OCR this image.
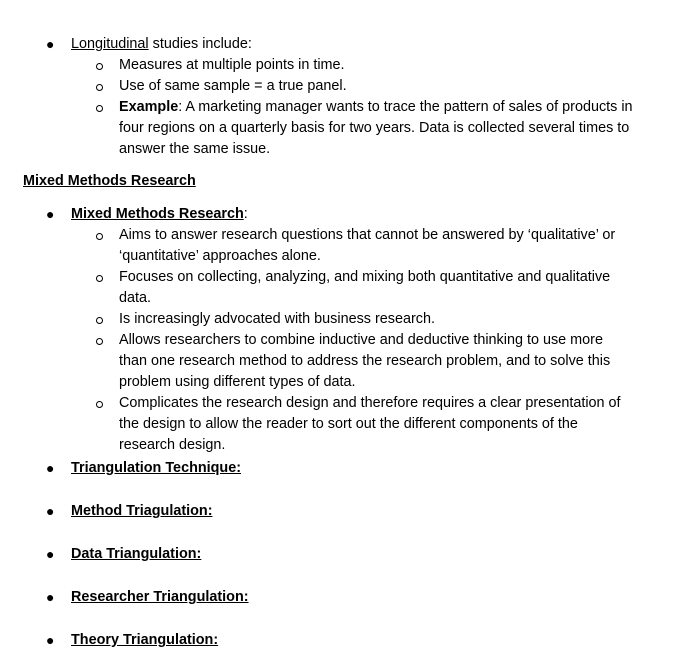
● Longitudinal studies include:
Measures at multiple points in time.
Use of same sample = a true panel.
Example: A marketing manager wants to trace the pattern of sales of products in
four regions on a quarterly basis for two years. Data is collected several times to
answer the same issue.
Mixed Methods Research
● Mixed Methods Research:
Aims to answer research questions that cannot be answered by ‘qualitative’ or
‘quantitative’ approaches alone.
Focuses on collecting, analyzing, and mixing both quantitative and qualitative
data.
Is increasingly advocated with business research.
Allows researchers to combine inductive and deductive thinking to use more
than one research method to address the research problem, and to solve this
problem using different types of data.
Complicates the research design and therefore requires a clear presentation of
the design to allow the reader to sort out the different components of the
research design.
● Triangulation Technique:
● Method Triagulation:
● Data Triangulation:
● Researcher Triangulation:
● Theory Triangulation:
